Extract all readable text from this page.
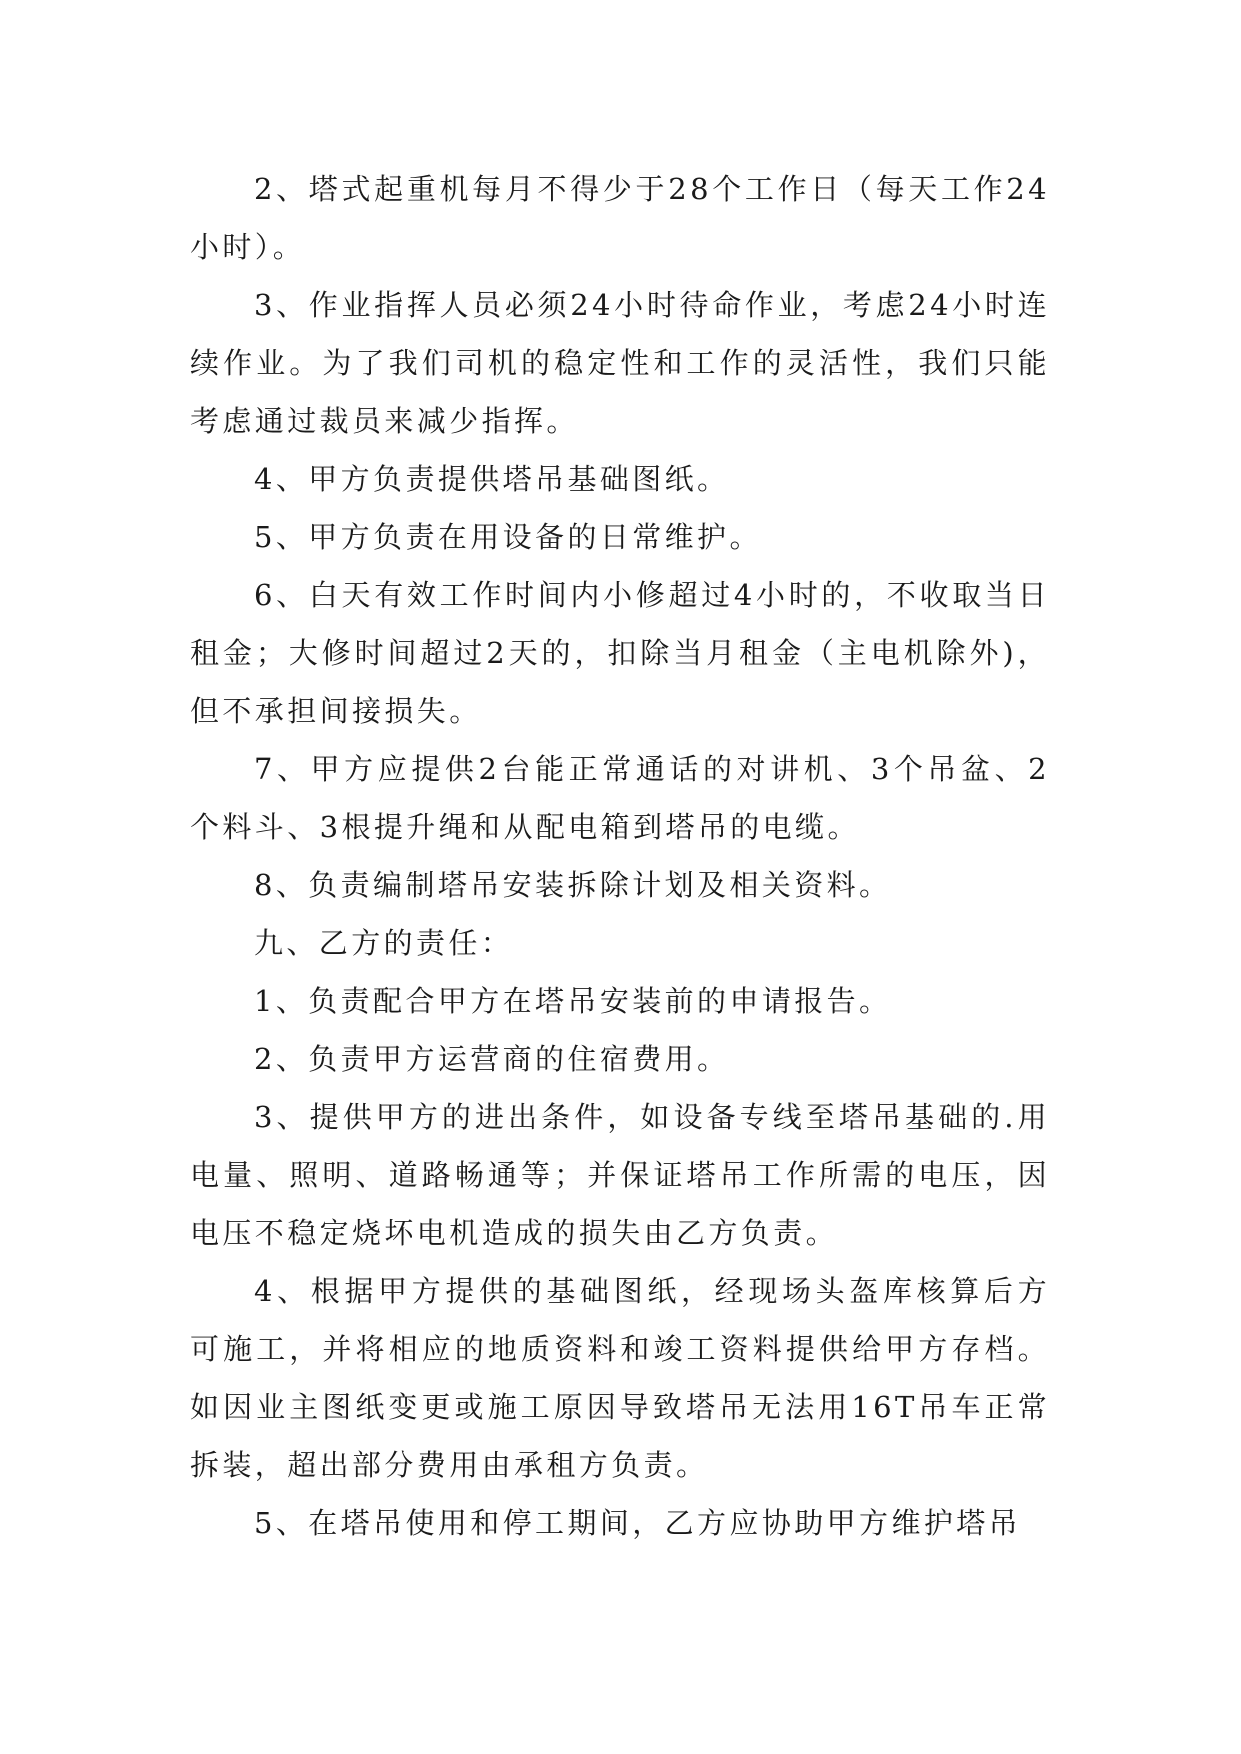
2、塔式起重机每月不得少于28个工作日（每天工作24小时）。

3、作业指挥人员必须24小时待命作业，考虑24小时连续作业。为了我们司机的稳定性和工作的灵活性，我们只能考虑通过裁员来减少指挥。

4、甲方负责提供塔吊基础图纸。

5、甲方负责在用设备的日常维护。

6、白天有效工作时间内小修超过4小时的，不收取当日租金；大修时间超过2天的，扣除当月租金（主电机除外)，但不承担间接损失。

7、甲方应提供2台能正常通话的对讲机、3个吊盆、2个料斗、3根提升绳和从配电箱到塔吊的电缆。

8、负责编制塔吊安装拆除计划及相关资料。

九、乙方的责任：

1、负责配合甲方在塔吊安装前的申请报告。

2、负责甲方运营商的住宿费用。

3、提供甲方的进出条件，如设备专线至塔吊基础的.用电量、照明、道路畅通等；并保证塔吊工作所需的电压，因电压不稳定烧坏电机造成的损失由乙方负责。

4、根据甲方提供的基础图纸，经现场头盔库核算后方可施工，并将相应的地质资料和竣工资料提供给甲方存档。如因业主图纸变更或施工原因导致塔吊无法用16T吊车正常拆装，超出部分费用由承租方负责。

5、在塔吊使用和停工期间，乙方应协助甲方维护塔吊
